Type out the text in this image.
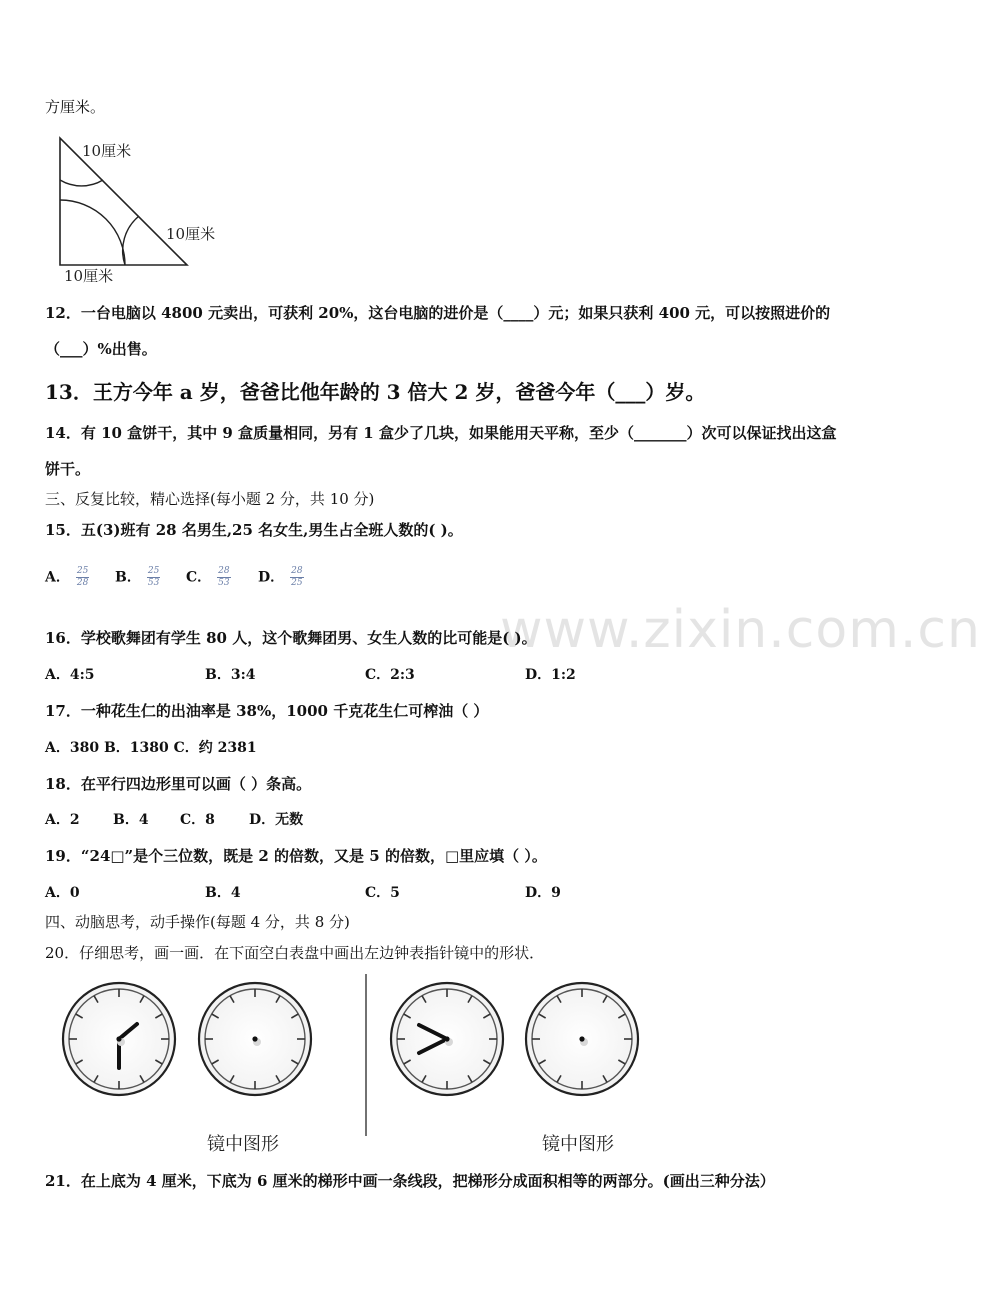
方厘米。
10厘米
10厘米
10厘米
12．一台电脑以 4800 元卖出，可获利 20%，这台电脑的进价是（____）元；如果只获利 400 元，可以按照进价的
（___）%出售。
13．王方今年 a 岁，爸爸比他年龄的 3 倍大 2 岁，爸爸今年（___）岁。
14．有 10 盒饼干，其中 9 盒质量相同，另有 1 盒少了几块，如果能用天平称，至少（_______）次可以保证找出这盒
饼干。
三、反复比较，精心选择(每小题 2 分，共 10 分)
15．五(3)班有 28 名男生,25 名女生,男生占全班人数的( )。
A． $\frac{25}{28}$ B． $\frac{25}{53}$ C． $\frac{28}{53}$ D． $\frac{28}{25}$
www.zixin.com.cn
16．学校歌舞团有学生 80 人，这个歌舞团男、女生人数的比可能是( )。
A．4:5	B．3:4	C．2:3	D．1:2
17．一种花生仁的出油率是 38%，1000 千克花生仁可榨油（ ）
A．380 B．1380 C．约 2381
18．在平行四边形里可以画（ ）条高。
A．2 B．4 C．8 D．无数
19．“24□”是个三位数，既是 2 的倍数，又是 5 的倍数，□里应填（ ）。
A．0	B．4	C．5	D．9
四、动脑思考，动手操作(每题 4 分，共 8 分)
20．仔细思考，画一画．在下面空白表盘中画出左边钟表指针镜中的形状．
镜中图形	镜中图形
21．在上底为 4 厘米，下底为 6 厘米的梯形中画一条线段，把梯形分成面积相等的两部分。(画出三种分法）
